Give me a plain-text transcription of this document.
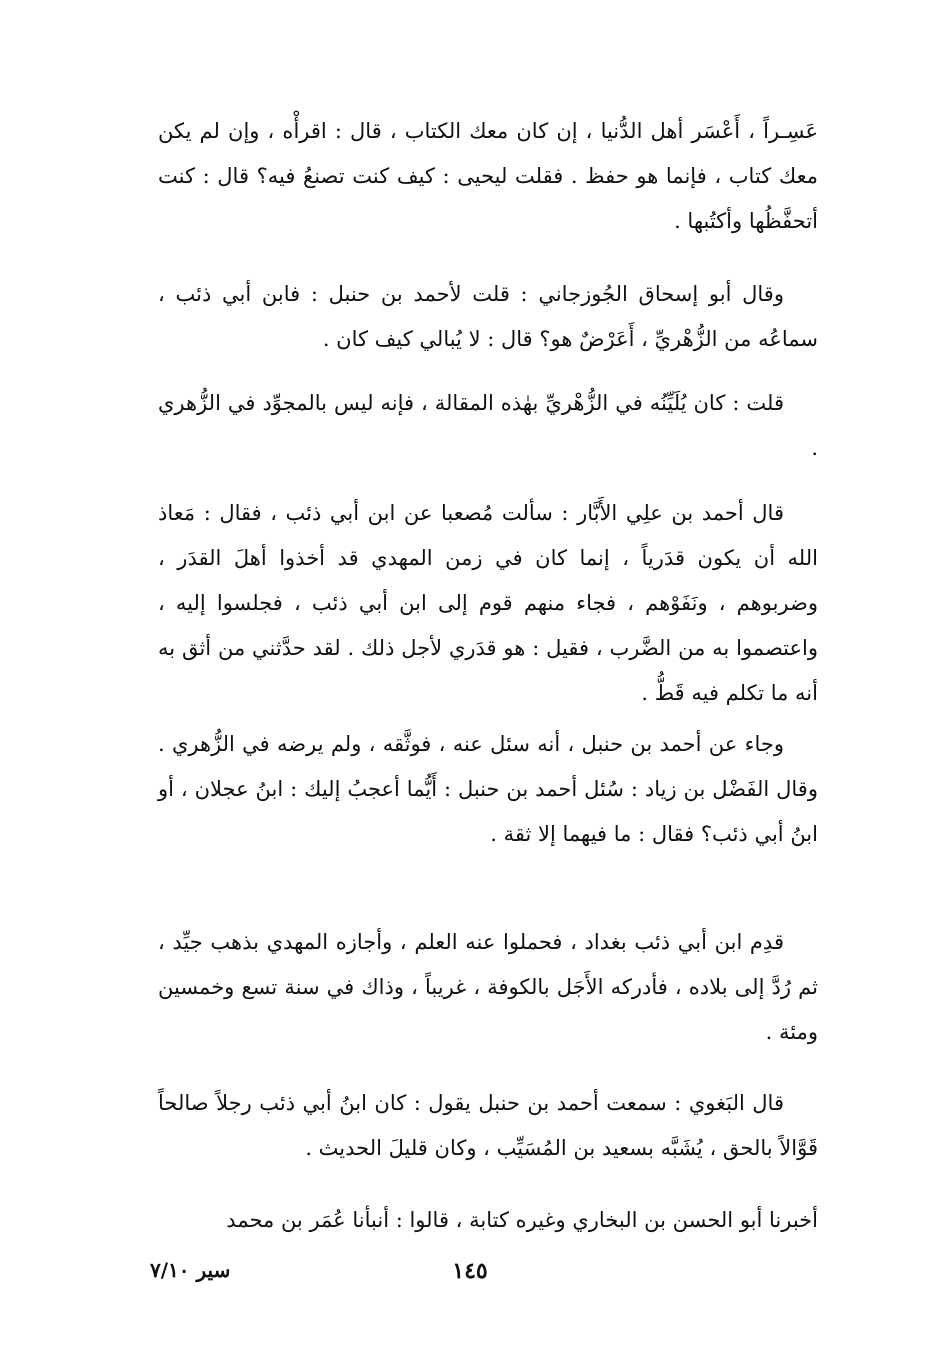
عَسِـراً ، أَعْسَر أهل الدُّنيا ، إن كان معك الكتاب ، قال : اقرأْه ، وإن لم يكن معك كتاب ، فإنما هو حفظ . فقلت ليحيى : كيف كنت تصنعُ فيه؟ قال : كنت أتحفَّظُها وأكتُبها .

وقال أبو إسحاق الجُوزجاني : قلت لأحمد بن حنبل : فابن أبي ذئب ، سماعُه من الزُّهْريِّ ، أَعَرْضٌ هو؟ قال : لا يُبالي كيف كان .

قلت : كان يُلَيِّنُه في الزُّهْريِّ بهٰذه المقالة ، فإنه ليس بالمجوِّد في الزُّهري .

قال أحمد بن علِي الأَبَّار : سألت مُصعبا عن ابن أبي ذئب ، فقال : مَعاذ الله أن يكون قدَرياً ، إنما كان في زمن المهدي قد أخذوا أهلَ القدَر ، وضربوهم ، ونَفَوْهم ، فجاء منهم قوم إلى ابن أبي ذئب ، فجلسوا إليه ، واعتصموا به من الضَّرب ، فقيل : هو قدَري لأجل ذلك . لقد حدَّثني من أثق به أنه ما تكلم فيه قَطُّ .

وجاء عن أحمد بن حنبل ، أنه سئل عنه ، فوثَّقه ، ولم يرضه في الزُّهري . وقال الفَضْل بن زياد : سُئل أحمد بن حنبل : أَيُّما أعجبُ إليك : ابنُ عجلان ، أو ابنُ أبي ذئب؟ فقال : ما فيهما إلا ثقة .

قدِم ابن أبي ذئب بغداد ، فحملوا عنه العلم ، وأجازه المهدي بذهب جيِّد ، ثم رُدَّ إلى بلاده ، فأدركه الأَجَل بالكوفة ، غريباً ، وذاك في سنة تسع وخمسين ومئة .

قال البَغوي : سمعت أحمد بن حنبل يقول : كان ابنُ أبي ذئب رجلاً صالحاً قَوَّالاً بالحق ، يُشَبَّه بسعيد بن المُسَيِّب ، وكان قليلَ الحديث .

أخبرنا أبو الحسن بن البخاري وغيره كتابة ، قالوا : أنبأنا عُمَر بن محمد

١٤٥
سير ٧/١٠
